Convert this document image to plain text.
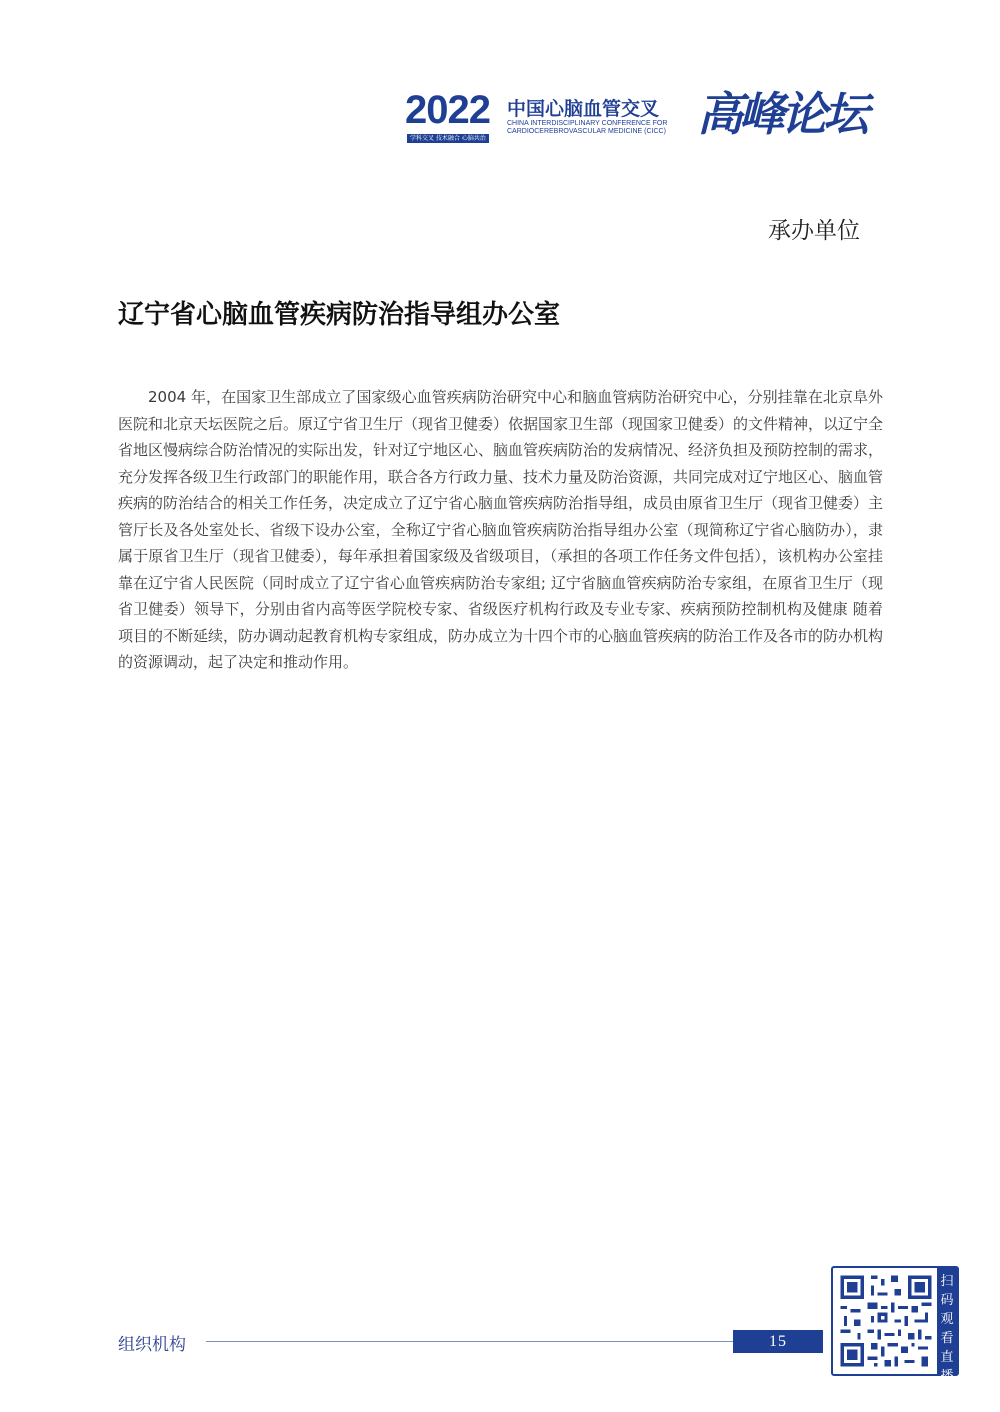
2022
学科交叉 技术融合 心脑共治
中国心脑血管交叉
CHINA INTERDISCIPLINARY CONFERENCE FOR
CARDIOCEREBROVASCULAR MEDICINE (CICC) 高峰论坛
承办单位
辽宁省心脑血管疾病防治指导组办公室

2004 年，在国家卫生部成立了国家级心血管疾病防治研究中心和脑血管病防治研究中心，分别挂靠在北京阜外医院和北京天坛医院之后。原辽宁省卫生厅（现省卫健委）依据国家卫生部（现国家卫健委）的文件精神，以辽宁全省地区慢病综合防治情况的实际出发，针对辽宁地区心、脑血管疾病防治的发病情况、经济负担及预防控制的需求，充分发挥各级卫生行政部门的职能作用，联合各方行政力量、技术力量及防治资源，共同完成对辽宁地区心、脑血管疾病的防治结合的相关工作任务，决定成立了辽宁省心脑血管疾病防治指导组，成员由原省卫生厅（现省卫健委）主管厅长及各处室处长、省级下设办公室，全称辽宁省心脑血管疾病防治指导组办公室（现简称辽宁省心脑防办），隶属于原省卫生厅（现省卫健委），每年承担着国家级及省级项目，（承担的各项工作任务文件包括），该机构办公室挂靠在辽宁省人民医院（同时成立了辽宁省心血管疾病防治专家组; 辽宁省脑血管疾病防治专家组，在原省卫生厅（现省卫健委）领导下，分别由省内高等医学院校专家、省级医疗机构行政及专业专家、疾病预防控制机构及健康 随着项目的不断延续，防办调动起教育机构专家组成，防办成立为十四个市的心脑血管疾病的防治工作及各市的防办机构的资源调动，起了决定和推动作用。

组织机构	15
扫码观看直播
